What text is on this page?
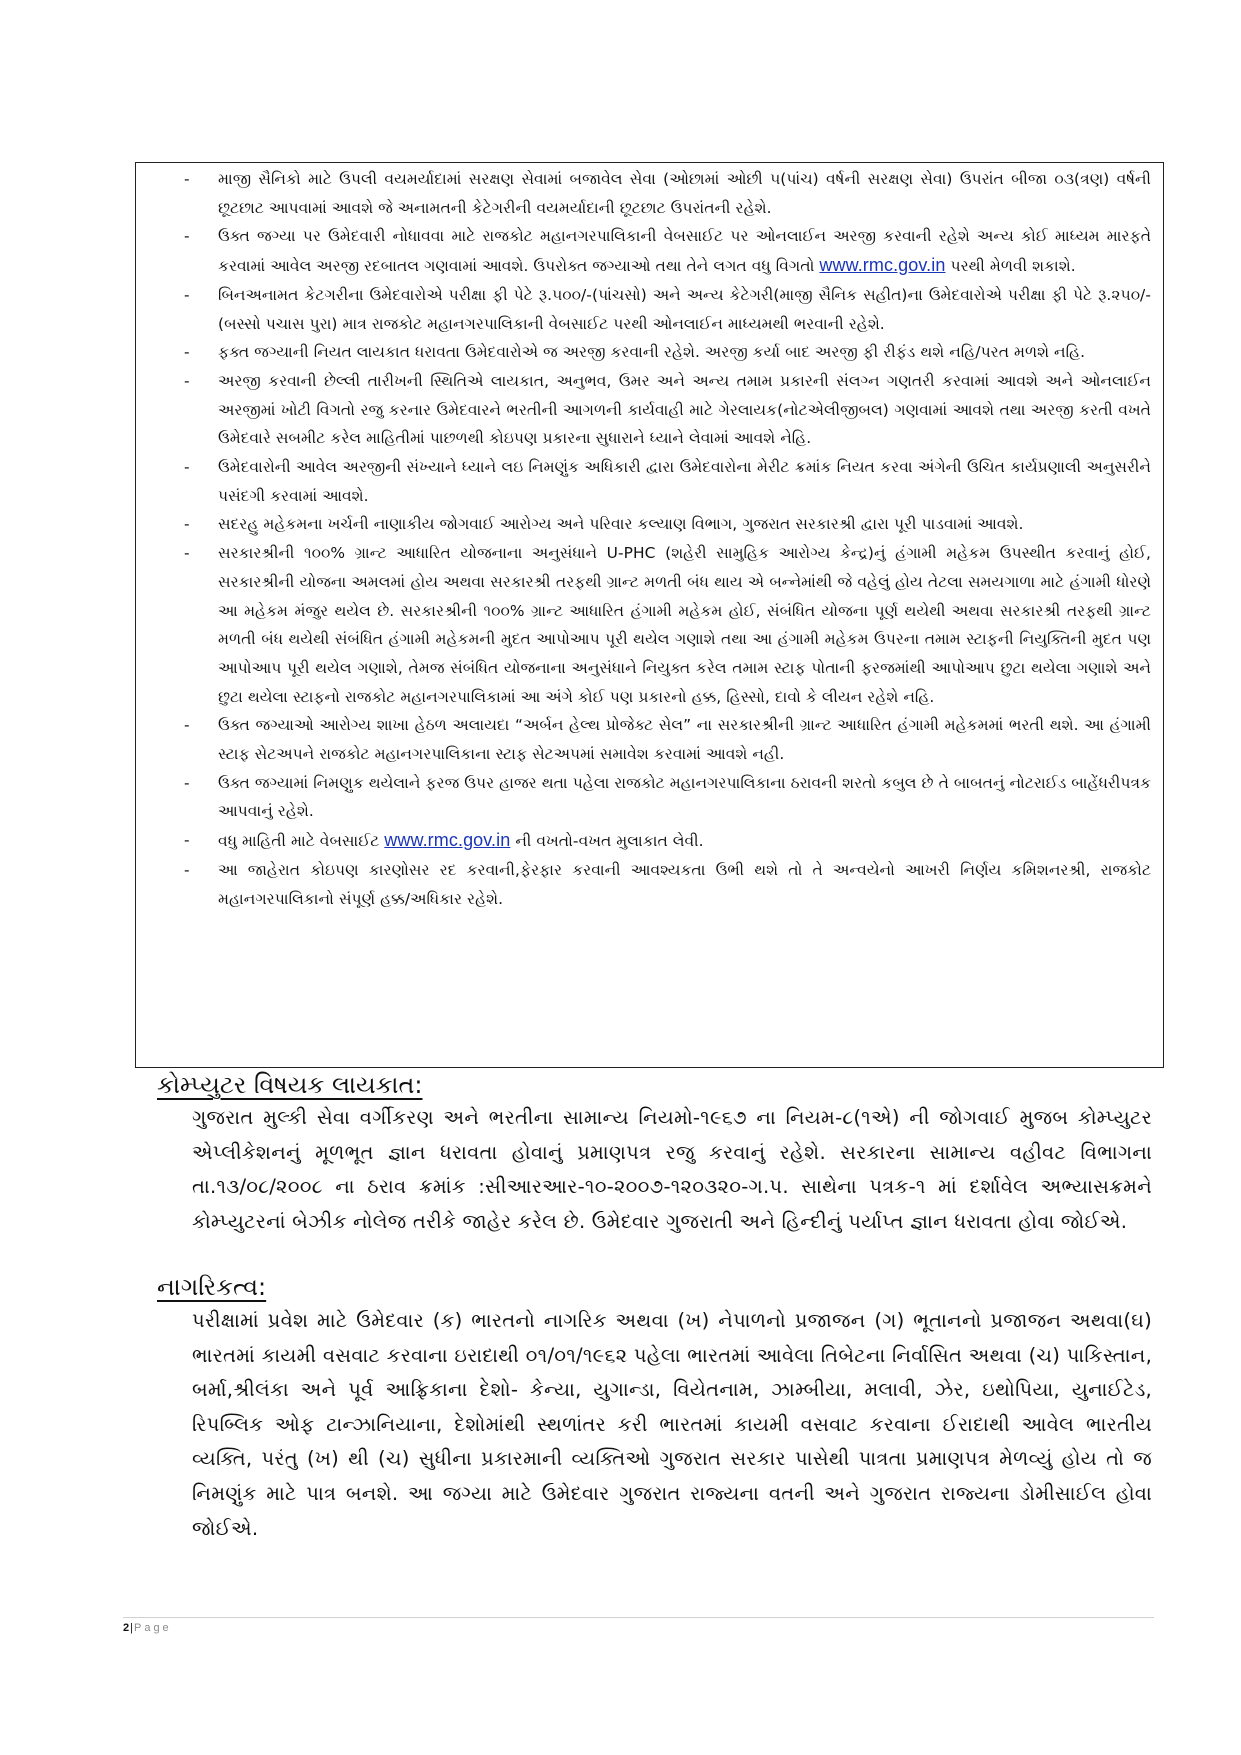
-	માજી સૈનિકો માટે ઉપલી વયમર્યાદામાં સરક્ષણ સેવામાં બજાવેલ સેવા (ઓછામાં ઓછી ૫(પાંચ) વર્ષની સરક્ષણ સેવા) ઉપરાંત બીજા ૦૩(ત્રણ) વર્ષની છૂટછાટ આપવામાં આવશે જે અનામતની કેટેગરીની વયમર્યાદાની છૂટછાટ ઉપરાંતની રહેશે.
-	ઉક્ત જગ્યા પર ઉમેદવારી નોધાવવા માટે રાજકોટ મહાનગરપાલિકાની વેબસાઈટ પર ઓનલાઈન અરજી કરવાની રહેશે અન્ય કોઈ માધ્યમ મારફતે કરવામાં આવેલ અરજી રદબાતલ ગણવામાં આવશે. ઉપરોક્ત જગ્યાઓ તથા તેને લગત વધુ વિગતો www.rmc.gov.in પરથી મેળવી શકાશે.
-	બિનઅનામત કેટગરીના ઉમેદવારોએ પરીક્ષા ફી પેટે રૂ.૫૦૦/-(પાંચસો) અને અન્ય કેટેગરી(માજી સૈનિક સહીત)ના ઉમેદવારોએ પરીક્ષા ફી પેટે રૂ.૨૫૦/- (બસ્સો પચાસ પુરા) માત્ર રાજકોટ મહાનગરપાલિકાની વેબસાઈટ પરથી ઓનલાઈન માધ્યમથી ભરવાની રહેશે.
-	ફક્ત જગ્યાની નિયત લાયકાત ધરાવતા ઉમેદવારોએ જ અરજી કરવાની રહેશે. અરજી કર્યા બાદ અરજી ફી રીફંડ થશે નહિ/પરત મળશે નહિ.
-	અરજી કરવાની છેલ્લી તારીખની સ્થિતિએ લાયકાત, અનુભવ, ઉમર અને અન્ય તમામ પ્રકારની સંલગ્ન ગણતરી કરવામાં આવશે અને ઓનલાઈન અરજીમાં ખોટી વિગતો રજુ કરનાર ઉમેદવારને ભરતીની આગળની કાર્યવાહી માટે ગેરલાયક(નોટએલીજીબલ) ગણવામાં આવશે તથા અરજી કરતી વખતે ઉમેદવારે સબમીટ કરેલ માહિતીમાં પાછળથી કોઇપણ પ્રકારના સુધારાને ધ્યાને લેવામાં આવશે નેહિ.
-	ઉમેદવારોની આવેલ અરજીની સંખ્યાને ધ્યાને લઇ નિમણુંક અધિકારી દ્વારા ઉમેદવારોના મેરીટ ક્રમાંક નિયત કરવા અંગેની ઉચિત કાર્યપ્રણાલી અનુસરીને પસંદગી કરવામાં આવશે.
-	સદરહુ મહેકમના ખર્ચની નાણાકીય જોગવાઈ આરોગ્ય અને પરિવાર કલ્યાણ વિભાગ, ગુજરાત સરકારશ્રી દ્વારા પૂરી પાડવામાં આવશે.
-	સરકારશ્રીની ૧૦૦% ગ્રાન્ટ આધારિત યોજનાના અનુસંધાને U-PHC (શહેરી સામુહિક આરોગ્ય કેન્દ્ર)નું હંગામી મહેકમ ઉપસ્થીત કરવાનું હોઈ, સરકારશ્રીની યોજના અમલમાં હોય અથવા સરકારશ્રી તરફથી ગ્રાન્ટ મળતી બંધ થાય એ બન્નેમાંથી જે વહેલું હોય તેટલા સમયગાળા માટે હંગામી ધોરણે આ મહેકમ મંજુર થયેલ છે. સરકારશ્રીની ૧૦૦% ગ્રાન્ટ આધારિત હંગામી મહેકમ હોઈ, સંબંધિત યોજના પૂર્ણ થયેથી અથવા સરકારશ્રી તરફથી ગ્રાન્ટ મળતી બંધ થયેથી સંબંધિત હંગામી મહેકમની મુદત આપોઆપ પૂરી થયેલ ગણાશે તથા આ હંગામી મહેકમ ઉપરના તમામ સ્ટાફની નિયુક્તિની મુદત પણ આપોઆપ પૂરી થયેલ ગણાશે, તેમજ સંબંધિત યોજનાના અનુસંધાને નિયુક્ત કરેલ તમામ સ્ટાફ પોતાની ફરજમાંથી આપોઆપ છુટા થયેલા ગણાશે અને છુટા થયેલા સ્ટાફનો રાજકોટ મહાનગરપાલિકામાં આ અંગે કોઈ પણ પ્રકારનો હક્ક, હિસ્સો, દાવો કે લીયન રહેશે નહિ.
-	ઉક્ત જગ્યાઓ આરોગ્ય શાખા હેઠળ અલાયદા “અર્બન હેલ્થ પ્રોજેક્ટ સેલ” ના સરકારશ્રીની ગ્રાન્ટ આધારિત હંગામી મહેકમમાં ભરતી થશે. આ હંગામી સ્ટાફ સેટઅપને રાજકોટ મહાનગરપાલિકાના સ્ટાફ સેટઅપમાં સમાવેશ કરવામાં આવશે નહી.
-	ઉક્ત જગ્યામાં નિમણુક થયેલાને ફરજ ઉપર હાજર થતા પહેલા રાજકોટ મહાનગરપાલિકાના ઠરાવની શરતો કબુલ છે તે બાબતનું નોટરાઈડ બાહેંધરીપત્રક આપવાનું રહેશે.
-	વધુ માહિતી માટે વેબસાઈટ www.rmc.gov.in ની વખતો-વખત મુલાકાત લેવી.
-	આ જાહેરાત કોઇપણ કારણોસર રદ કરવાની,ફેરફાર કરવાની આવશ્યકતા ઉભી થશે તો તે અન્વયેનો આખરી નિર્ણય કમિશનરશ્રી, રાજકોટ મહાનગરપાલિકાનો સંપૂર્ણ હક્ક/અધિકાર રહેશે.
કોમ્પ્યુટર વિષયક લાયકાત:
ગુજરાત મુલ્કી સેવા વર્ગીકરણ અને ભરતીના સામાન્ય નિયમો-૧૯૬૭ ના નિયમ-૮(૧એ) ની જોગવાઈ મુજબ કોમ્પ્યુટર એપ્લીકેશનનું મૂળભૂત જ્ઞાન ધરાવતા હોવાનું પ્રમાણપત્ર રજુ કરવાનું રહેશે. સરકારના સામાન્ય વહીવટ વિભાગના તા.૧૩/૦૮/૨૦૦૮ ના ઠરાવ ક્રમાંક :સીઆરઆર-૧૦-૨૦૦૭-૧૨૦૩૨૦-ગ.પ. સાથેના પત્રક-૧ માં દર્શાવેલ અભ્યાસક્રમને કોમ્પ્યુટરનાં બેઝીક નોલેજ તરીકે જાહેર કરેલ છે. ઉમેદવાર ગુજરાતી અને હિન્દીનું પર્યાપ્ત જ્ઞાન ધરાવતા હોવા જોઈએ.
નાગરિકત્વ:
પરીક્ષામાં પ્રવેશ માટે ઉમેદવાર (ક) ભારતનો નાગરિક અથવા (ખ) નેપાળનો પ્રજાજન (ગ) ભૂતાનનો પ્રજાજન અથવા(ઘ) ભારતમાં કાયમી વસવાટ કરવાના ઇરાદાથી ૦૧/૦૧/૧૯૬૨ પહેલા ભારતમાં આવેલા તિબેટના નિર્વાસિત અથવા (ચ) પાકિસ્તાન, બર્મા,શ્રીલંકા અને પૂર્વ આફ્રિકાના દેશો- કેન્યા, યુગાન્ડા, વિયેતનામ, ઝામ્બીયા, મલાવી, ઝેર, ઇથોપિયા, યુનાઈટેડ, રિપબ્લિક ઓફ ટાન્ઝાનિયાના, દેશોમાંથી સ્થળાંતર કરી ભારતમાં કાયમી વસવાટ કરવાના ઈરાદાથી આવેલ ભારતીય વ્યક્તિ, પરંતુ (ખ) થી (ચ) સુધીના પ્રકારમાની વ્યક્તિઓ ગુજરાત સરકાર પાસેથી પાત્રતા પ્રમાણપત્ર મેળવ્યું હોય તો જ નિમણુંક માટે પાત્ર બનશે. આ જગ્યા માટે ઉમેદવાર ગુજરાત રાજ્યના વતની અને ગુજરાત રાજ્યના ડોમીસાઈલ હોવા જોઈએ.
2|Page
